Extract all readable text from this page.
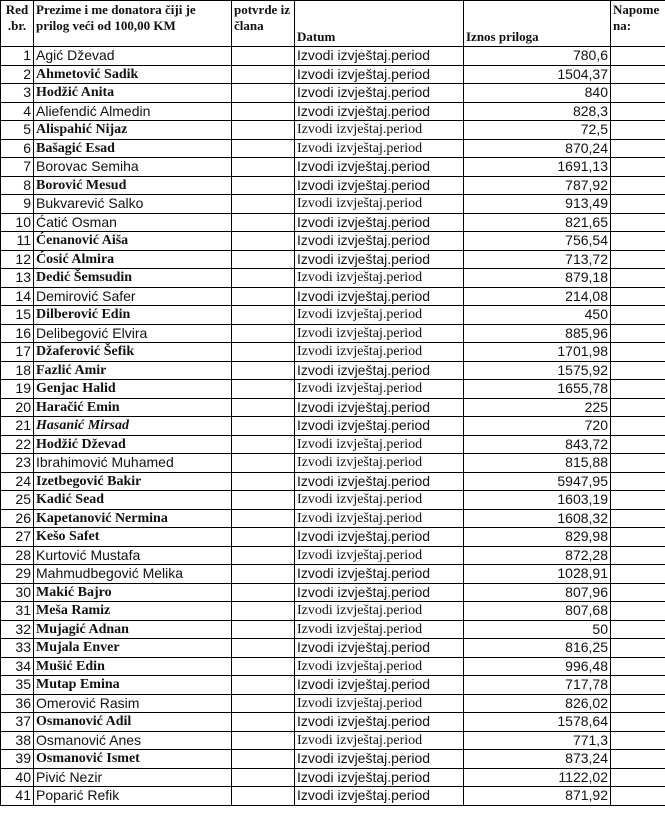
Red .br.	Prezime i me donatora čiji je prilog veći od 100,00 KM	potvrde iz člana	Datum	Iznos priloga	Napome na:
1	Agić Dževad		Izvodi izvještaj.period	780,6	
2	Ahmetović Sadik		Izvodi izvještaj.period	1504,37	
3	Hodžić Anita		Izvodi izvještaj.period	840	
4	Aliefendić Almedin		Izvodi izvještaj.period	828,3	
5	Alispahić Nijaz		Izvodi izvještaj.period	72,5	
6	Bašagić Esad		Izvodi izvještaj.period	870,24	
7	Borovac Semiha		Izvodi izvještaj.period	1691,13	
8	Borović Mesud		Izvodi izvještaj.period	787,92	
9	Bukvarević Salko		Izvodi izvještaj.period	913,49	
10	Ćatić Osman		Izvodi izvještaj.period	821,65	
11	Ćenanović Aiša		Izvodi izvještaj.period	756,54	
12	Ćosić Almira		Izvodi izvještaj.period	713,72	
13	Dedić Šemsudin		Izvodi izvještaj.period	879,18	
14	Demirović Safer		Izvodi izvještaj.period	214,08	
15	Dilberović Edin		Izvodi izvještaj.period	450	
16	Delibegović Elvira		Izvodi izvještaj.period	885,96	
17	Džaferović Šefik		Izvodi izvještaj.period	1701,98	
18	Fazlić Amir		Izvodi izvještaj.period	1575,92	
19	Genjac Halid		Izvodi izvještaj.period	1655,78	
20	Haračić Emin		Izvodi izvještaj.period	225	
21	Hasanić Mirsad		Izvodi izvještaj.period	720	
22	Hodžić Dževad		Izvodi izvještaj.period	843,72	
23	Ibrahimović Muhamed		Izvodi izvještaj.period	815,88	
24	Izetbegović Bakir		Izvodi izvještaj.period	5947,95	
25	Kadić Sead		Izvodi izvještaj.period	1603,19	
26	Kapetanović Nermina		Izvodi izvještaj.period	1608,32	
27	Kešo Safet		Izvodi izvještaj.period	829,98	
28	Kurtović Mustafa		Izvodi izvještaj.period	872,28	
29	Mahmudbegović Melika		Izvodi izvještaj.period	1028,91	
30	Makić Bajro		Izvodi izvještaj.period	807,96	
31	Meša Ramiz		Izvodi izvještaj.period	807,68	
32	Mujagić Adnan		Izvodi izvještaj.period	50	
33	Mujala Enver		Izvodi izvještaj.period	816,25	
34	Mušić Edin		Izvodi izvještaj.period	996,48	
35	Mutap Emina		Izvodi izvještaj.period	717,78	
36	Omerović Rasim		Izvodi izvještaj.period	826,02	
37	Osmanović Adil		Izvodi izvještaj.period	1578,64	
38	Osmanović Anes		Izvodi izvještaj.period	771,3	
39	Osmanović Ismet		Izvodi izvještaj.period	873,24	
40	Pivić Nezir		Izvodi izvještaj.period	1122,02	
41	Poparić Refik		Izvodi izvještaj.period	871,92	
